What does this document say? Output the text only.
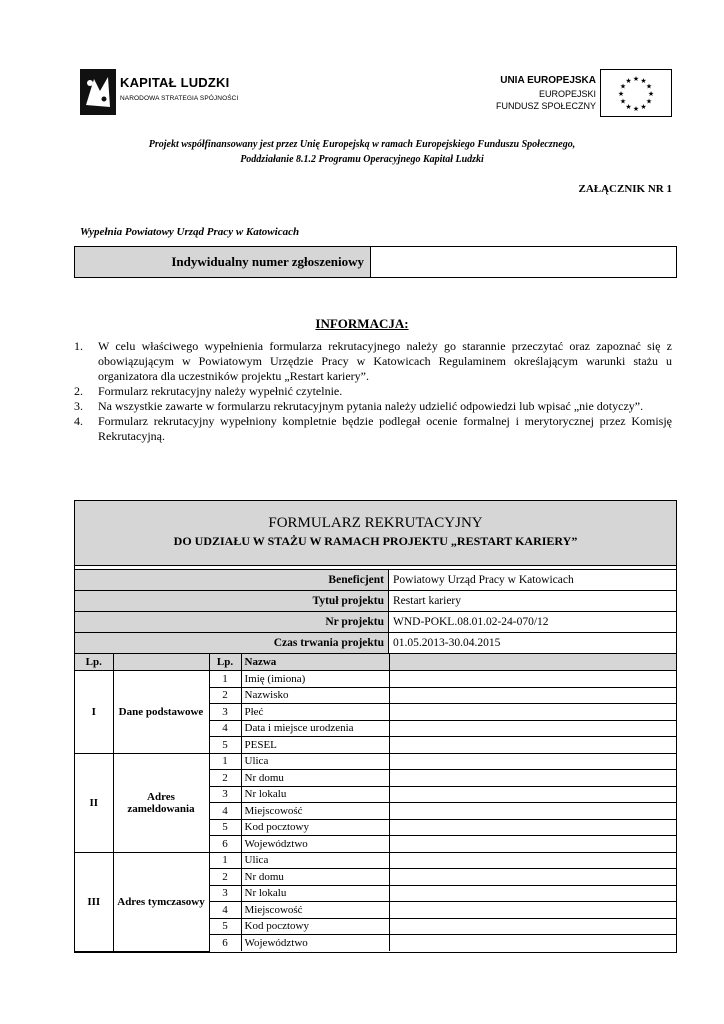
KAPITAŁ LUDZKI
NARODOWA STRATEGIA SPÓJNOŚCI
UNIA EUROPEJSKA
EUROPEJSKI
FUNDUSZ SPOŁECZNY
★
★
★
★
★
★
★
★
★ ★ ★
★
Projekt współfinansowany jest przez Unię Europejską w ramach Europejskiego Funduszu Społecznego,
Poddziałanie 8.1.2 Programu Operacyjnego Kapitał Ludzki
ZAŁĄCZNIK NR 1
Wypełnia Powiatowy Urząd Pracy w Katowicach
Indywidualny numer zgłoszeniowy
INFORMACJA:
1.	W celu właściwego wypełnienia formularza rekrutacyjnego należy go starannie przeczytać oraz zapoznać się z obowiązującym w Powiatowym Urzędzie Pracy w Katowicach Regulaminem określającym warunki stażu u organizatora dla uczestników projektu „Restart kariery”.
2.	Formularz rekrutacyjny należy wypełnić czytelnie.
3.	Na wszystkie zawarte w formularzu rekrutacyjnym pytania należy udzielić odpowiedzi lub wpisać „nie dotyczy”.
4.	Formularz rekrutacyjny wypełniony kompletnie będzie podlegał ocenie formalnej i merytorycznej przez Komisję Rekrutacyjną.
FORMULARZ REKRUTACYJNY
DO UDZIAŁU W STAŻU W RAMACH PROJEKTU „RESTART KARIERY”
Beneficjent Powiatowy Urząd Pracy w Katowicach
Tytuł projektu Restart kariery
Nr projektu WND-POKL.08.01.02-24-070/12
Czas trwania projektu 01.05.2013-30.04.2015
Lp.		Lp.	Nazwa	
I	Dane podstawowe	1	Imię (imiona)	
		2	Nazwisko	
		3	Płeć	
		4	Data i miejsce urodzenia	
		5	PESEL	
II	Adres zameldowania	1	Ulica	
		2	Nr domu	
		3	Nr lokalu	
		4	Miejscowość	
		5	Kod pocztowy	
		6	Województwo	
III	Adres tymczasowy	1	Ulica	
		2	Nr domu	
		3	Nr lokalu	
		4	Miejscowość	
		5	Kod pocztowy	
		6	Województwo	
